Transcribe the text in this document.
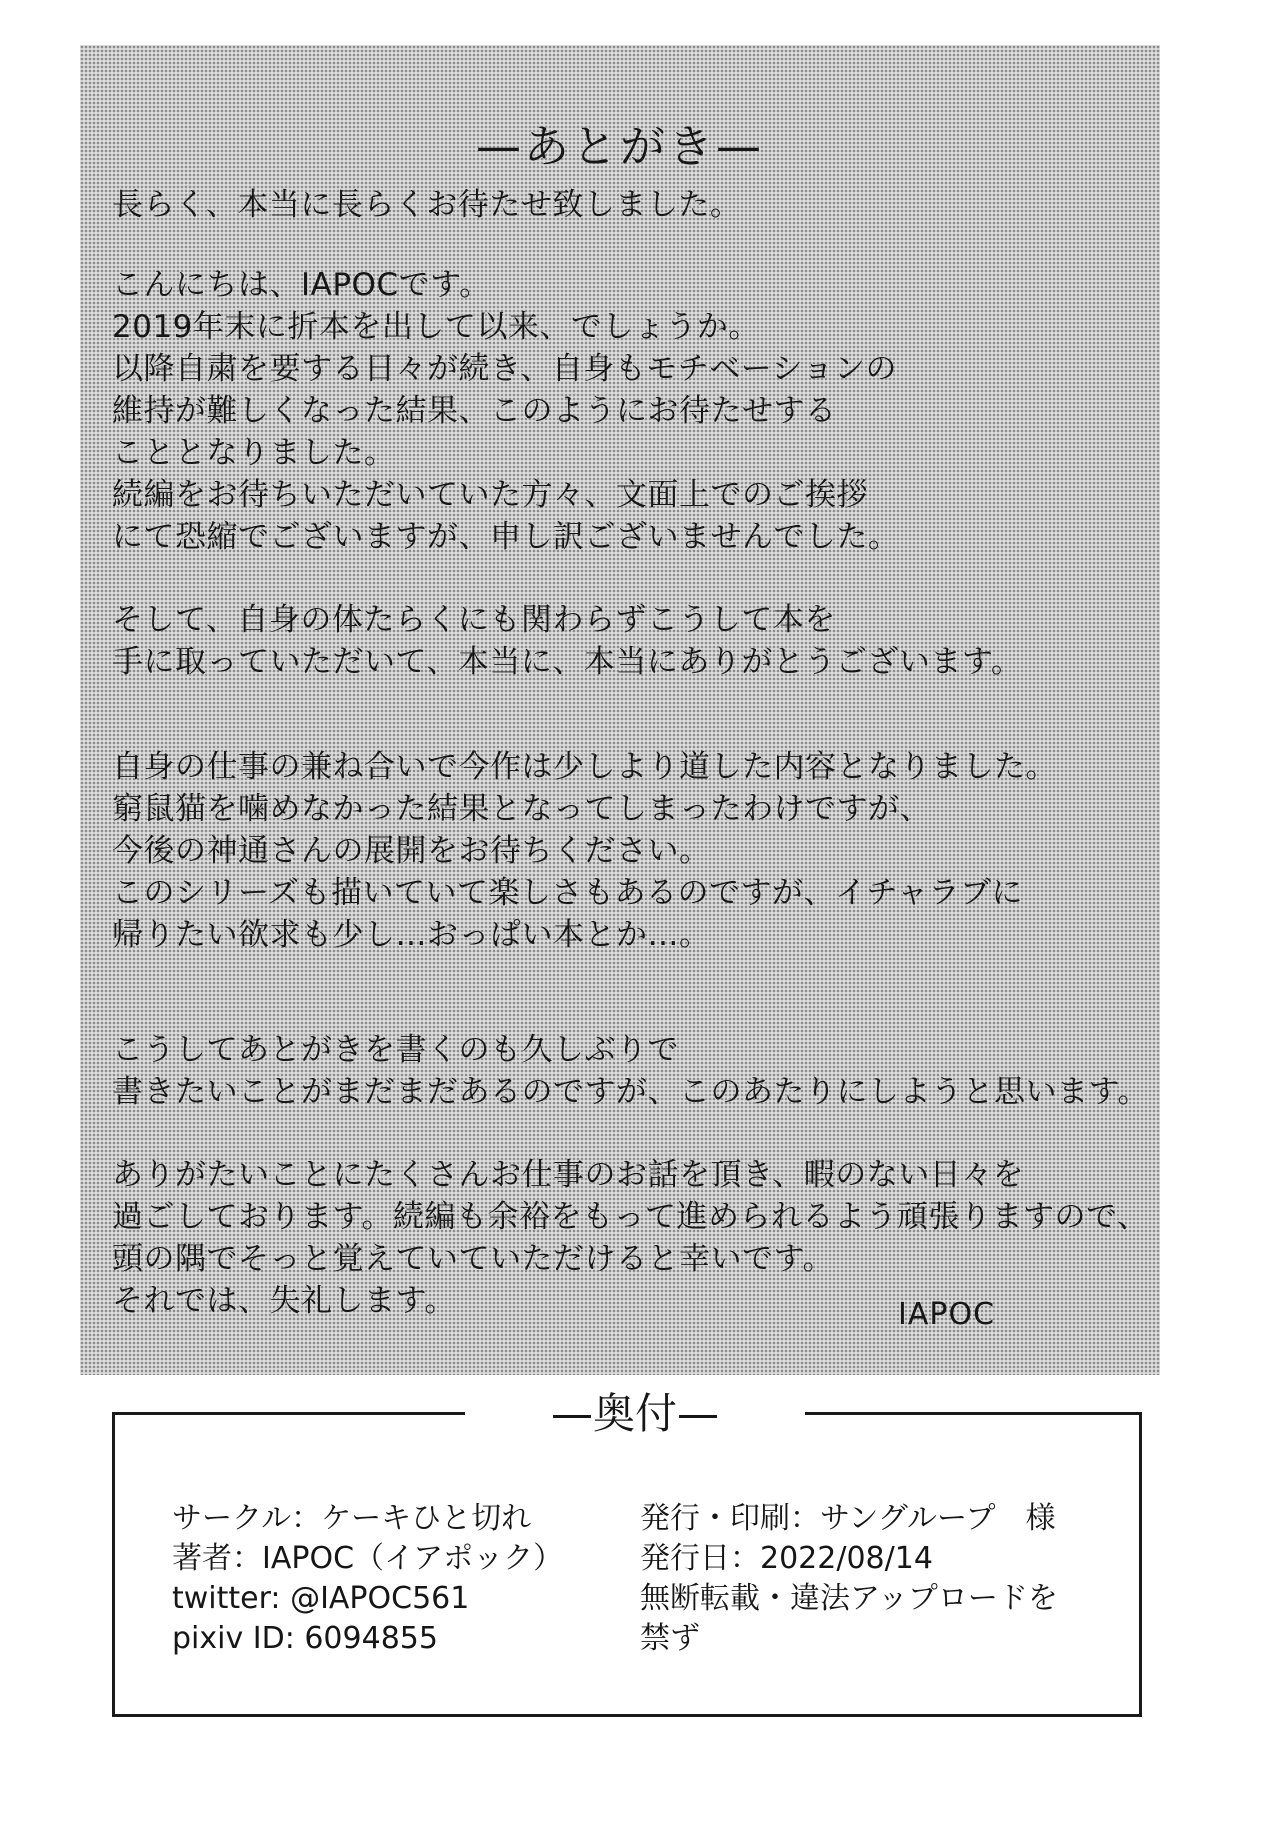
—あとがき—
長らく、本当に長らくお待たせ致しました。
こんにちは、IAPOCです。
2019年末に折本を出して以来、でしょうか。
以降自粛を要する日々が続き、自身もモチベーションの
維持が難しくなった結果、このようにお待たせする
こととなりました。
続編をお待ちいただいていた方々、文面上でのご挨拶
にて恐縮でございますが、申し訳ございませんでした。
そして、自身の体たらくにも関わらずこうして本を
手に取っていただいて、本当に、本当にありがとうございます。
自身の仕事の兼ね合いで今作は少しより道した内容となりました。
窮鼠猫を噛めなかった結果となってしまったわけですが、
今後の神通さんの展開をお待ちください。
このシリーズも描いていて楽しさもあるのですが、イチャラブに
帰りたい欲求も少し…おっぱい本とか…。
こうしてあとがきを書くのも久しぶりで
書きたいことがまだまだあるのですが、このあたりにしようと思います。
ありがたいことにたくさんお仕事のお話を頂き、暇のない日々を
過ごしております。続編も余裕をもって進められるよう頑張りますので、
頭の隅でそっと覚えていていただけると幸いです。
それでは、失礼します。	IAPOC
—奥付—
サークル：ケーキひと切れ
著者：IAPOC（イアポック）
twitter: @IAPOC561
pixiv ID: 6094855
発行・印刷：サングループ　様
発行日：2022/08/14
無断転載・違法アップロードを
禁ず
